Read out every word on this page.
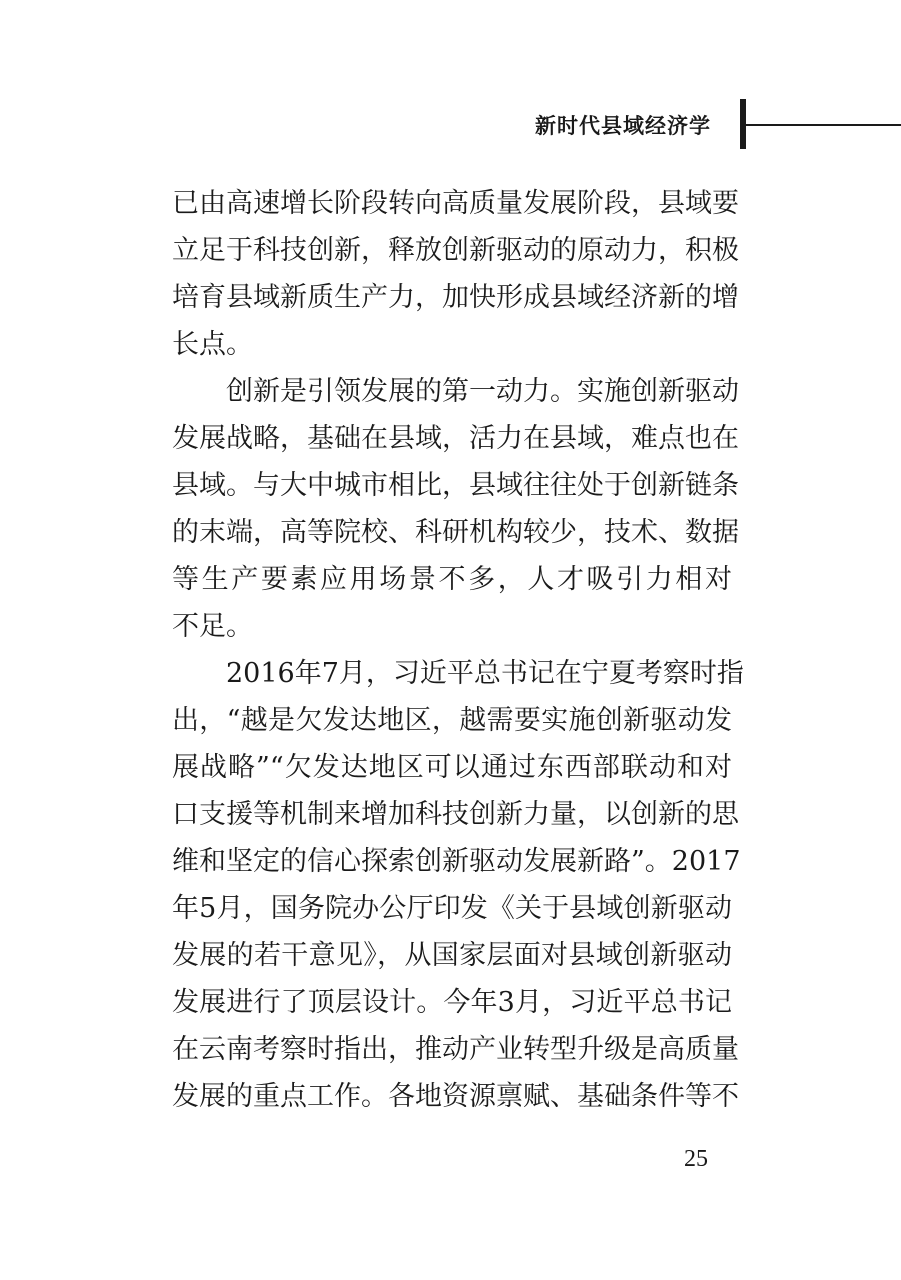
新时代县域经济学
已由高速增长阶段转向高质量发展阶段，县域要
立足于科技创新，释放创新驱动的原动力，积极
培育县域新质生产力，加快形成县域经济新的增
长点。
创新是引领发展的第一动力。实施创新驱动
发展战略，基础在县域，活力在县域，难点也在
县域。与大中城市相比，县域往往处于创新链条
的末端，高等院校、科研机构较少，技术、数据
等生产要素应用场景不多，人才吸引力相对
不足。
2016年7月，习近平总书记在宁夏考察时指
出，“越是欠发达地区，越需要实施创新驱动发
展战略”“欠发达地区可以通过东西部联动和对
口支援等机制来增加科技创新力量，以创新的思
维和坚定的信心探索创新驱动发展新路”。2017
年5月，国务院办公厅印发《关于县域创新驱动
发展的若干意见》，从国家层面对县域创新驱动
发展进行了顶层设计。今年3月，习近平总书记
在云南考察时指出，推动产业转型升级是高质量
发展的重点工作。各地资源禀赋、基础条件等不
25
